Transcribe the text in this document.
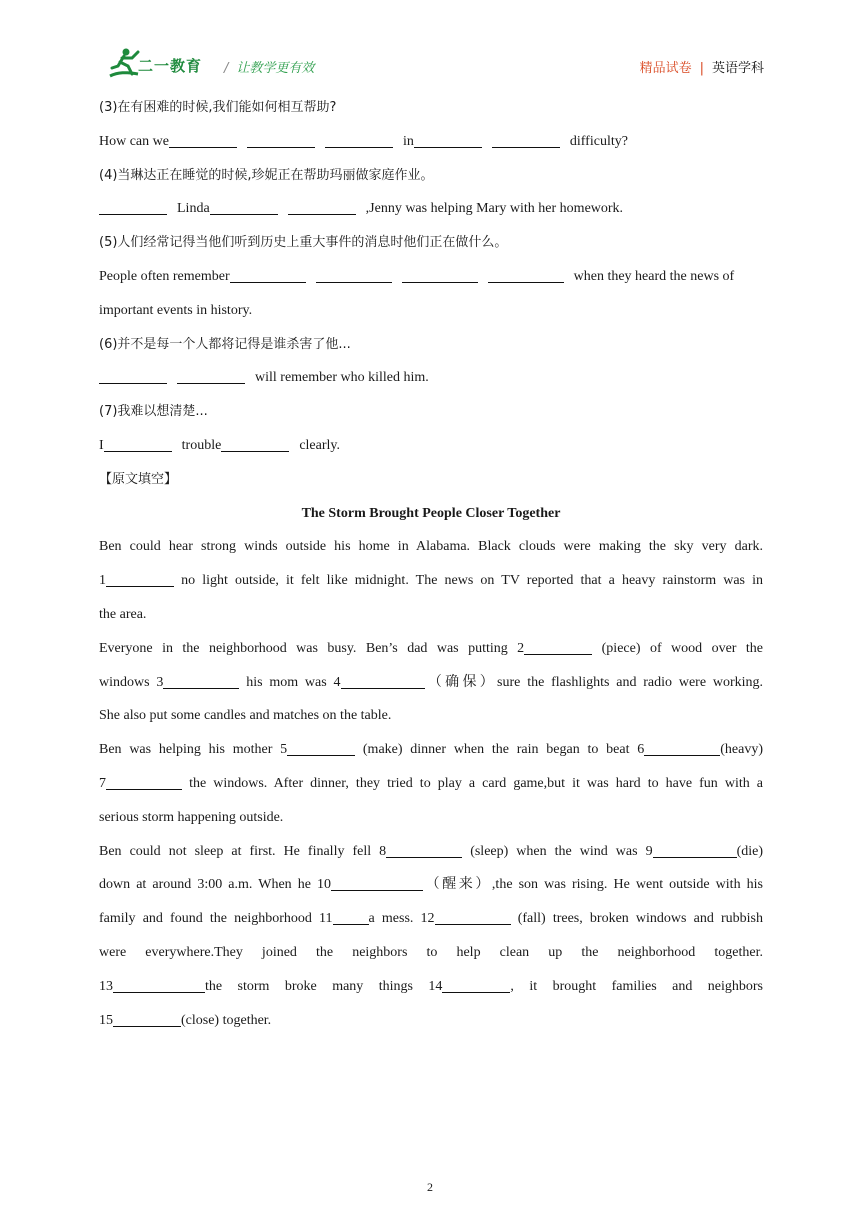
二一教育 / 让教学更有效	精品试卷 | 英语学科
(3)在有困难的时候,我们能如何相互帮助?
How can we	in	difficulty?
(4)当琳达正在睡觉的时候,珍妮正在帮助玛丽做家庭作业。
Linda	,Jenny was helping Mary with her homework.
(5)人们经常记得当他们听到历史上重大事件的消息时他们正在做什么。
People often remember	when they heard the news of
important events in history.
(6)并不是每一个人都将记得是谁杀害了他...
will remember who killed him.
(7)我难以想清楚...
I	trouble	clearly.
【原文填空】
The Storm Brought People Closer Together
Ben could hear strong winds outside his home in Alabama. Black clouds were making the sky very dark.
1	no light outside, it felt like midnight. The news on TV reported that a heavy rainstorm was in
the area.
Everyone in the neighborhood was busy. Ben’s dad was putting 2	(piece) of wood over the
windows 3	his mom was 4	（确保）sure the flashlights and radio were working.
She also put some candles and matches on the table.
Ben was helping his mother 5	(make) dinner when the rain began to beat 6	(heavy)
7	the windows. After dinner, they tried to play a card game,but it was hard to have fun with a
serious storm happening outside.
Ben could not sleep at first. He finally fell 8	(sleep) when the wind was 9	(die)
down at around 3:00 a.m. When he 10	（醒来）,the son was rising. He went outside with his
family and found the neighborhood 11	a mess. 12	(fall) trees, broken windows and rubbish
were everywhere.They joined the neighbors to help clean up the neighborhood together.
13	the storm broke many things 14	, it brought families and neighbors
15	(close) together.
2
